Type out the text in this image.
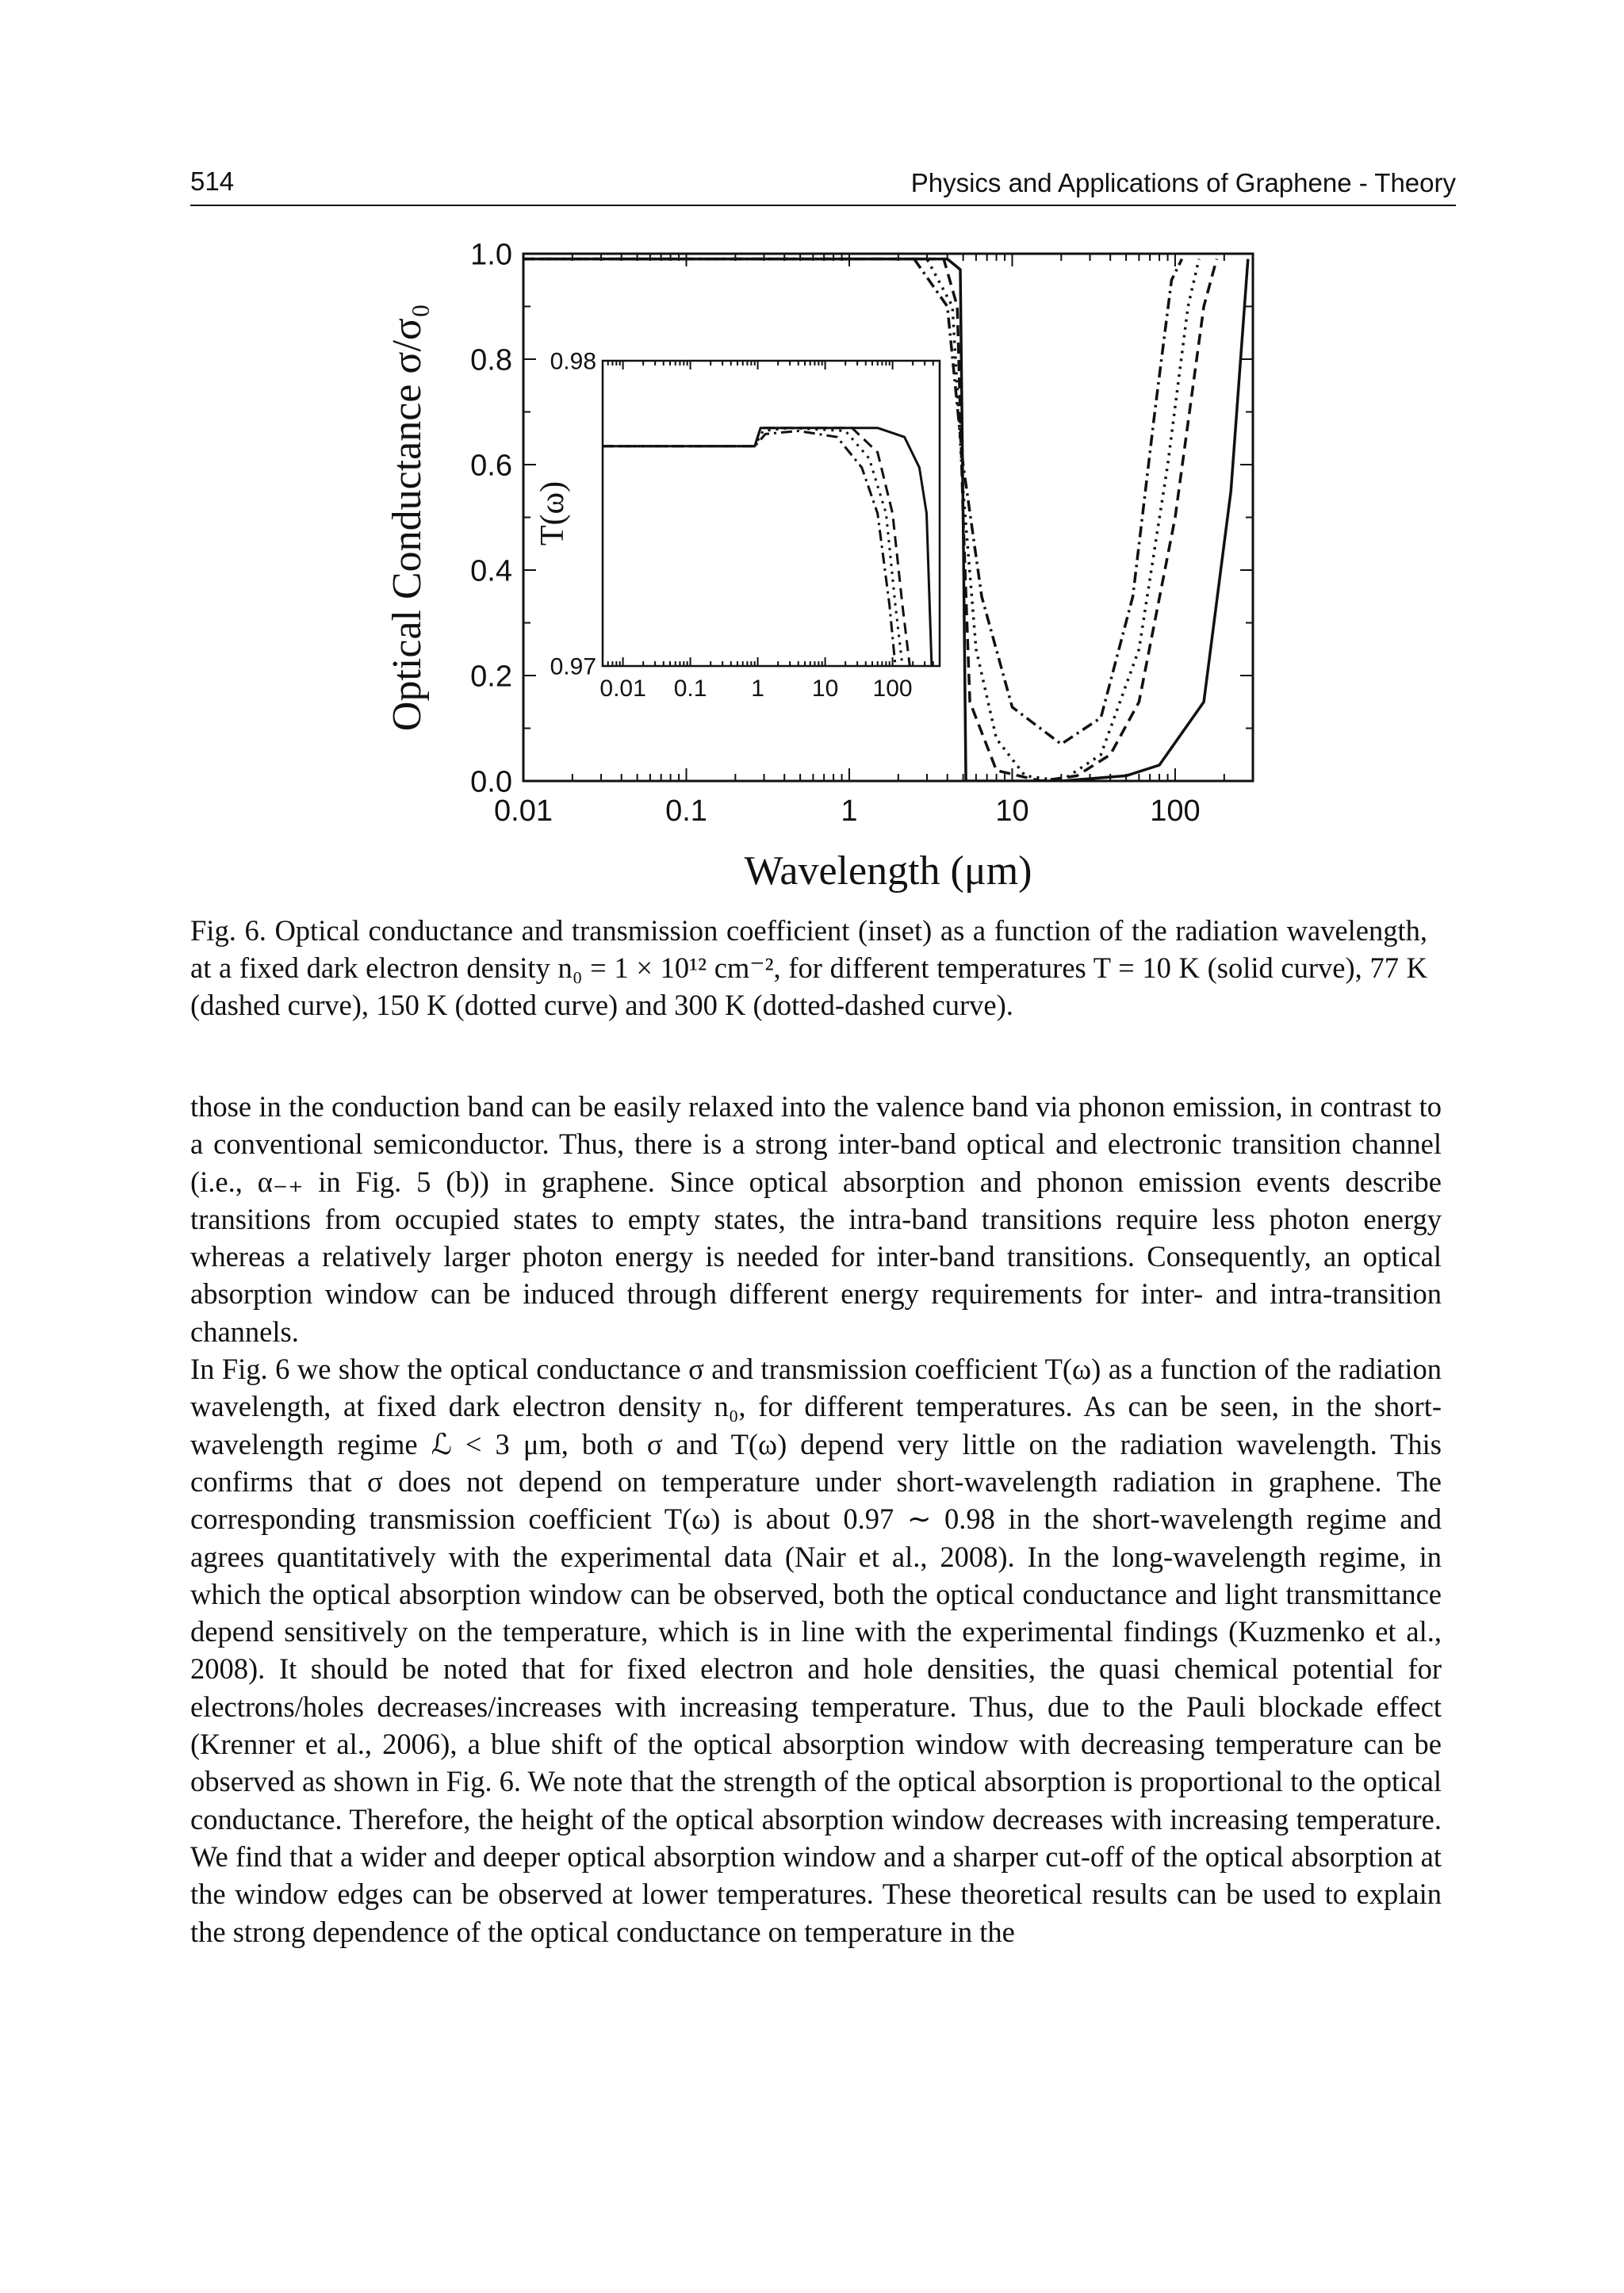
514	Physics and Applications of Graphene - Theory
0.01	0.1	1	10	100
0.0
0.2
0.4
0.6
0.8
1.0
Optical Conductance σ/σ₀
Wavelength (μm)
0.01 0.1 1 10 100
0.97
0.98
T(ω)
Fig. 6. Optical conductance and transmission coefficient (inset) as a function of the radiation wavelength, at a fixed dark electron density n₀ = 1 × 10¹² cm⁻², for different temperatures T = 10 K (solid curve), 77 K (dashed curve), 150 K (dotted curve) and 300 K (dotted-dashed curve).

those in the conduction band can be easily relaxed into the valence band via phonon emission, in contrast to a conventional semiconductor. Thus, there is a strong inter-band optical and electronic transition channel (i.e., α₋₊ in Fig. 5 (b)) in graphene. Since optical absorption and phonon emission events describe transitions from occupied states to empty states, the intra-band transitions require less photon energy whereas a relatively larger photon energy is needed for inter-band transitions. Consequently, an optical absorption window can be induced through different energy requirements for inter- and intra-transition channels.

In Fig. 6 we show the optical conductance σ and transmission coefficient T(ω) as a function of the radiation wavelength, at fixed dark electron density n₀, for different temperatures. As can be seen, in the short-wavelength regime ℒ < 3 μm, both σ and T(ω) depend very little on the radiation wavelength. This confirms that σ does not depend on temperature under short-wavelength radiation in graphene. The corresponding transmission coefficient T(ω) is about 0.97 ∼ 0.98 in the short-wavelength regime and agrees quantitatively with the experimental data (Nair et al., 2008). In the long-wavelength regime, in which the optical absorption window can be observed, both the optical conductance and light transmittance depend sensitively on the temperature, which is in line with the experimental findings (Kuzmenko et al., 2008). It should be noted that for fixed electron and hole densities, the quasi chemical potential for electrons/holes decreases/increases with increasing temperature. Thus, due to the Pauli blockade effect (Krenner et al., 2006), a blue shift of the optical absorption window with decreasing temperature can be observed as shown in Fig. 6. We note that the strength of the optical absorption is proportional to the optical conductance. Therefore, the height of the optical absorption window decreases with increasing temperature. We find that a wider and deeper optical absorption window and a sharper cut-off of the optical absorption at the window edges can be observed at lower temperatures. These theoretical results can be used to explain the strong dependence of the optical conductance on temperature in the
